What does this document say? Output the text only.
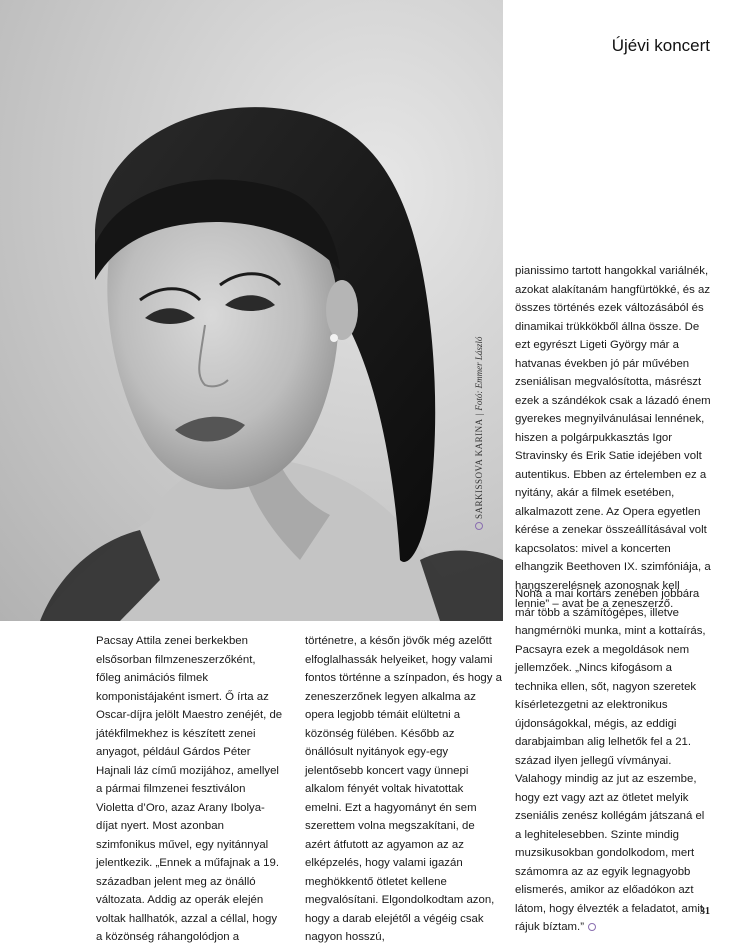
SARKISSOVA KARINA
|
Fotó: Emmer László
Újévi koncert

pianissimo tartott hangokkal variálnék, azokat alakítanám hangfürtökké, és az összes történés ezek változásából és dinamikai trükkökből állna össze. De ezt egyrészt Ligeti György már a hatvanas években jó pár művében zseniálisan megvalósította, másrészt ezek a szándékok csak a lázadó énem gyerekes megnyilvánulásai lennének, hiszen a polgárpukkasztás Igor Stravinsky és Erik Satie idejében volt autentikus. Ebben az értelemben ez a nyitány, akár a filmek esetében, alkalmazott zene. Az Opera egyetlen kérése a zenekar összeállításával volt kapcsolatos: mivel a koncerten elhangzik Beethoven IX. szimfóniája, a hangszerelésnek azonosnak kell lennie” – avat be a zeneszerző.

Noha a mai kortárs zenében jobbára már több a számítógépes, illetve hangmérnöki munka, mint a kottaírás, Pacsayra ezek a megoldások nem jellemzőek. „Nincs kifogásom a technika ellen, sőt, nagyon szeretek kísérletezgetni az elektronikus újdonságokkal, mégis, az eddigi darabjaimban alig lelhetők fel a 21. század ilyen jellegű vívmányai. Valahogy mindig az jut az eszembe, hogy ezt vagy azt az ötletet melyik zseniális zenész kollégám játszaná el a leghitelesebben. Szinte mindig muzsikusokban gondolkodom, mert számomra az az egyik legnagyobb elismerés, amikor az előadókon azt látom, hogy élvezték a feladatot, amit rájuk bíztam.”

Pacsay Attila zenei berkekben elsősorban filmzeneszerzőként, főleg animációs filmek komponistájaként ismert. Ő írta az Oscar-díjra jelölt Maestro zenéjét, de játékfilmekhez is készített zenei anyagot, például Gárdos Péter Hajnali láz című mozijához, amellyel a pármai filmzenei fesztiválon Violetta d’Oro, azaz Arany Ibolya-díjat nyert. Most azonban szimfonikus művel, egy nyitánnyal jelentkezik. „Ennek a műfajnak a 19. században jelent meg az önálló változata. Addig az operák elején voltak hallhatók, azzal a céllal, hogy a közönség ráhangolódjon a

történetre, a későn jövők még azelőtt elfoglalhassák helyeiket, hogy valami fontos történne a színpadon, és hogy a zeneszerzőnek legyen alkalma az opera legjobb témáit elültetni a közönség fülében. Később az önállósult nyitányok egy-egy jelentősebb koncert vagy ünnepi alkalom fényét voltak hivatottak emelni. Ezt a hagyományt én sem szerettem volna megszakítani, de azért átfutott az agyamon az az elképzelés, hogy valami igazán meghökkentő ötletet kellene megvalósítani. Elgondolkodtam azon, hogy a darab elejétől a végéig csak nagyon hosszú,

31
